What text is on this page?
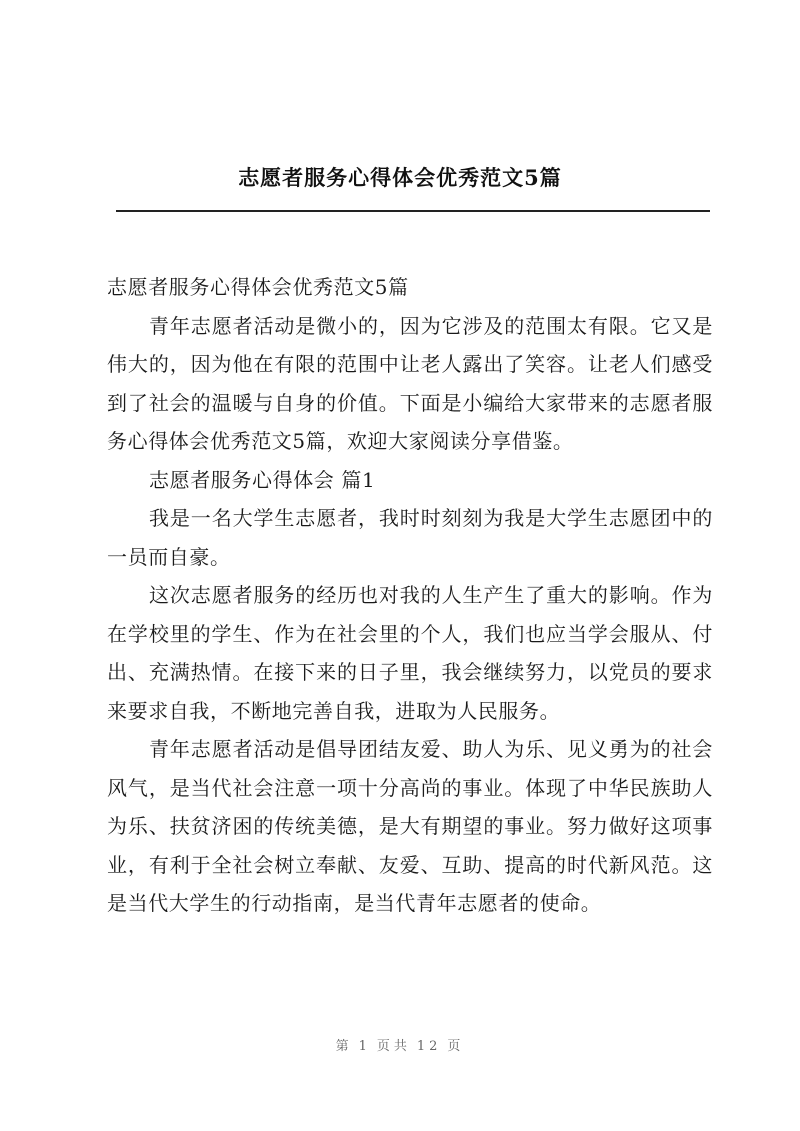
志愿者服务心得体会优秀范文5篇

志愿者服务心得体会优秀范文5篇

青年志愿者活动是微小的，因为它涉及的范围太有限。它又是伟大的，因为他在有限的范围中让老人露出了笑容。让老人们感受到了社会的温暖与自身的价值。下面是小编给大家带来的志愿者服务心得体会优秀范文5篇，欢迎大家阅读分享借鉴。

志愿者服务心得体会 篇1

我是一名大学生志愿者，我时时刻刻为我是大学生志愿团中的一员而自豪。

这次志愿者服务的经历也对我的人生产生了重大的影响。作为在学校里的学生、作为在社会里的个人，我们也应当学会服从、付出、充满热情。在接下来的日子里，我会继续努力，以党员的要求来要求自我，不断地完善自我，进取为人民服务。

青年志愿者活动是倡导团结友爱、助人为乐、见义勇为的社会风气，是当代社会注意一项十分高尚的事业。体现了中华民族助人为乐、扶贫济困的传统美德，是大有期望的事业。努力做好这项事业，有利于全社会树立奉献、友爱、互助、提高的时代新风范。这是当代大学生的行动指南，是当代青年志愿者的使命。

第 1 页共 12 页
